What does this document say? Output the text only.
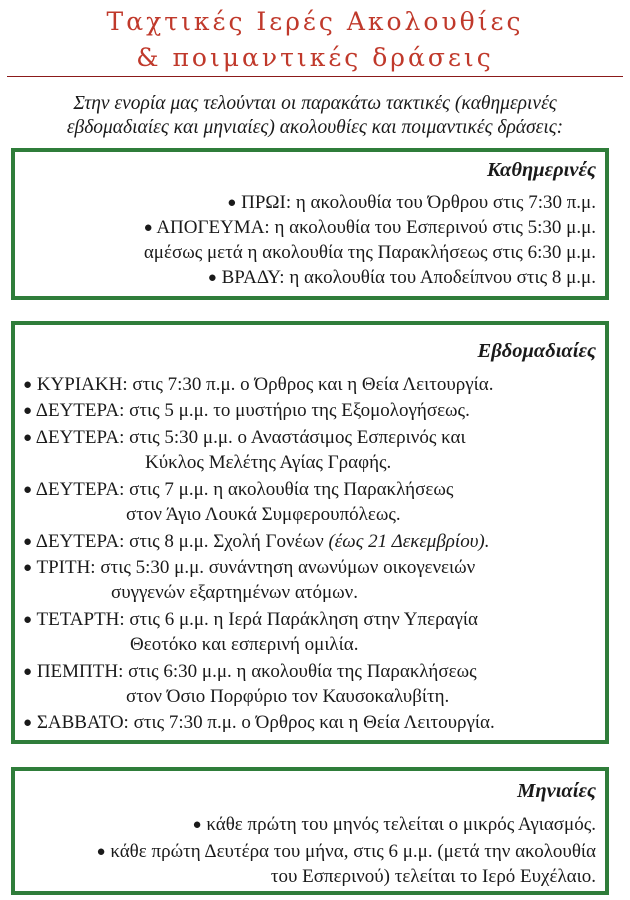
Ταχτικές Ιερές Ακολουθίες
& ποιμαντικές δράσεις
Στην ενορία μας τελούνται οι παρακάτω τακτικές (καθημερινές
εβδομαδιαίες και μηνιαίες) ακολουθίες και ποιμαντικές δράσεις:
Καθημερινές
● ΠΡΩΙ: η ακολουθία του Όρθρου στις 7:30 π.μ.
● ΑΠΟΓΕΥΜΑ: η ακολουθία του Εσπερινού στις 5:30 μ.μ.
αμέσως μετά η ακολουθία της Παρακλήσεως στις 6:30 μ.μ.
● ΒΡΑΔΥ: η ακολουθία του Αποδείπνου στις 8 μ.μ.
Εβδομαδιαίες
● ΚΥΡΙΑΚΗ: στις 7:30 π.μ. ο Όρθρος και η Θεία Λειτουργία.
● ΔΕΥΤΕΡΑ: στις 5 μ.μ. το μυστήριο της Εξομολογήσεως.
● ΔΕΥΤΕΡΑ: στις 5:30 μ.μ. ο Αναστάσιμος Εσπερινός και
Κύκλος Μελέτης Αγίας Γραφής.
● ΔΕΥΤΕΡΑ: στις 7 μ.μ. η ακολουθία της Παρακλήσεως
στον Άγιο Λουκά Συμφερουπόλεως.
● ΔΕΥΤΕΡΑ: στις 8 μ.μ. Σχολή Γονέων (έως 21 Δεκεμβρίου).
● ΤΡΙΤΗ: στις 5:30 μ.μ. συνάντηση ανωνύμων οικογενειών
συγγενών εξαρτημένων ατόμων.
● ΤΕΤΑΡΤΗ: στις 6 μ.μ. η Ιερά Παράκληση στην Υπεραγία
Θεοτόκο και εσπερινή ομιλία.
● ΠΕΜΠΤΗ: στις 6:30 μ.μ. η ακολουθία της Παρακλήσεως
στον Όσιο Πορφύριο τον Καυσοκαλυβίτη.
● ΣΑΒΒΑΤΟ: στις 7:30 π.μ. ο Όρθρος και η Θεία Λειτουργία.
Μηνιαίες
● κάθε πρώτη του μηνός τελείται ο μικρός Αγιασμός.
● κάθε πρώτη Δευτέρα του μήνα, στις 6 μ.μ. (μετά την ακολουθία
του Εσπερινού) τελείται το Ιερό Ευχέλαιο.
